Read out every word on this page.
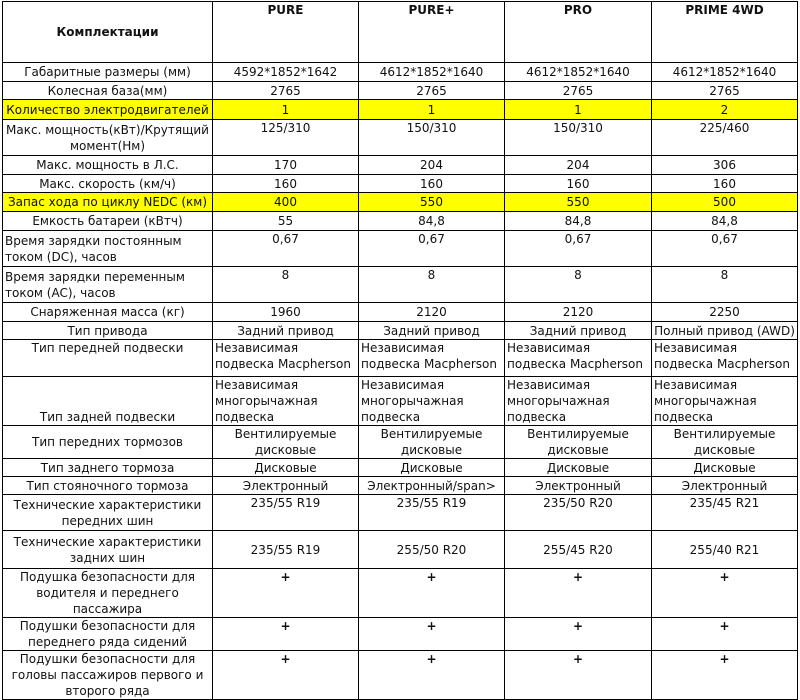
Комплектации	PURE	PURE+	PRO	PRIME 4WD
Габаритные размеры (мм)	4592*1852*1642	4612*1852*1640	4612*1852*1640	4612*1852*1640
Колесная база(мм)	2765	2765	2765	2765
Количество электродвигателей	1	1	1	2
Макс. мощность(кВт)/Крутящий момент(Нм)	125/310	150/310	150/310	225/460
Макс. мощность в Л.С.	170	204	204	306
Макс. скорость (км/ч)	160	160	160	160
Запас хода по циклу NEDC (км)	400	550	550	500
Емкость батареи (кВтч)	55	84,8	84,8	84,8
Время зарядки постоянным током (DC), часов	0,67	0,67	0,67	0,67
Время зарядки переменным током (AC), часов	8	8	8	8
Снаряженная масса (кг)	1960	2120	2120	2250
Тип привода	Задний привод	Задний привод	Задний привод	Полный привод (AWD)
Тип передней подвески	Независимая подвеска Macpherson	Независимая подвеска Macpherson	Независимая подвеска Macpherson	Независимая подвеска Macpherson
Тип задней подвески	Независимая многорычажная подвеска	Независимая многорычажная подвеска	Независимая многорычажная подвеска	Независимая многорычажная подвеска
Тип передних тормозов	Вентилируемые дисковые	Вентилируемые дисковые	Вентилируемые дисковые	Вентилируемые дисковые
Тип заднего тормоза	Дисковые	Дисковые	Дисковые	Дисковые
Тип стояночного тормоза	Электронный	Электронный/span>	Электронный	Электронный
Технические характеристики передних шин	235/55 R19	235/55 R19	235/50 R20	235/45 R21
Технические характеристики задних шин	235/55 R19	255/50 R20	255/45 R20	255/40 R21
Подушка безопасности для водителя и переднего пассажира	+	+	+	+
Подушки безопасности для переднего ряда сидений	+	+	+	+
Подушки безопасности для головы пассажиров первого и второго ряда	+	+	+	+
